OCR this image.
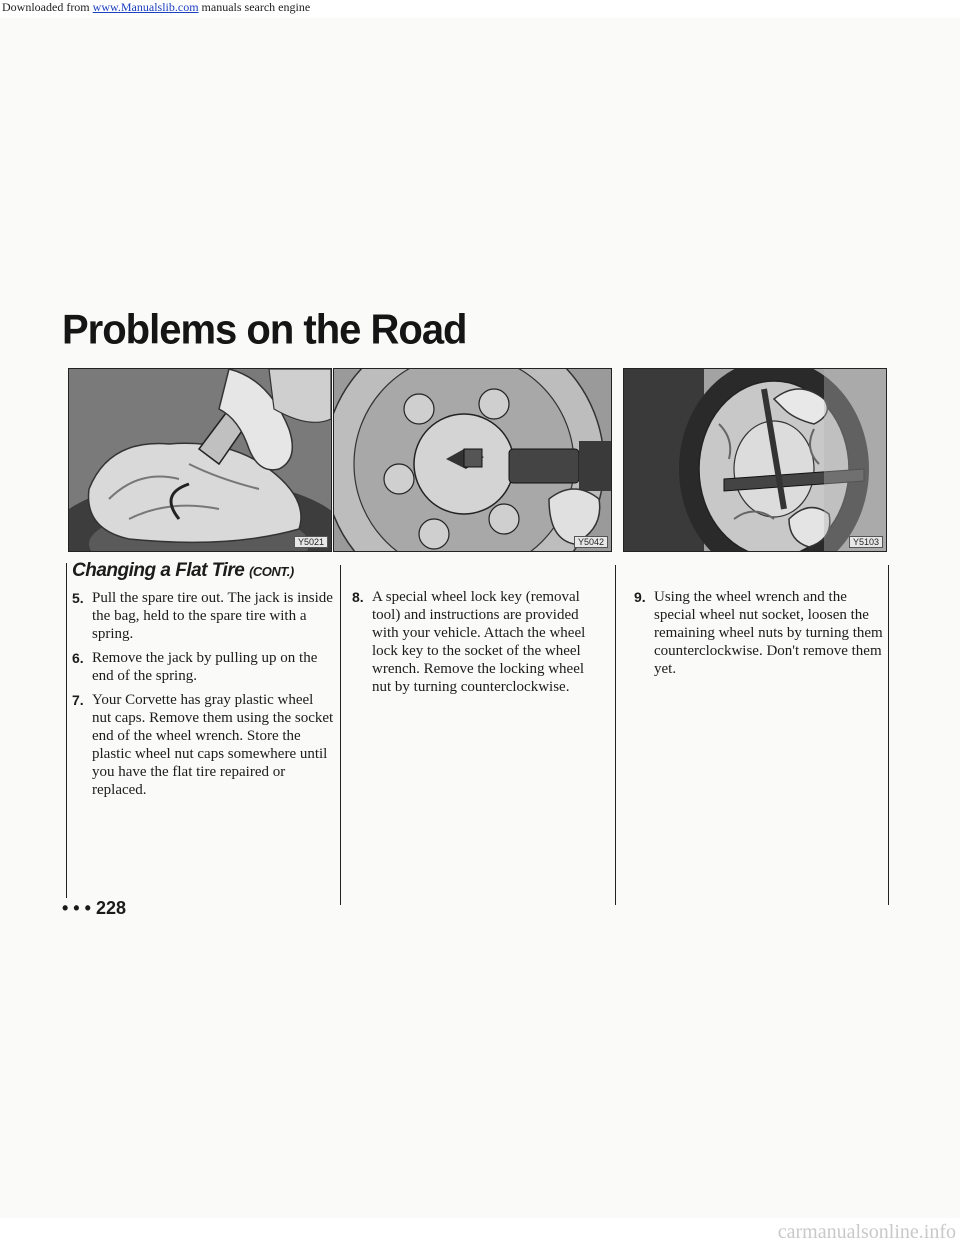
Downloaded from www.Manualslib.com manuals search engine
Problems on the Road
Y5021	Y5042	Y5103
Changing a Flat Tire (CONT.)
5. Pull the spare tire out. The jack is inside the bag, held to the spare tire with a spring.
6. Remove the jack by pulling up on the end of the spring.
7. Your Corvette has gray plastic wheel nut caps. Remove them using the socket end of the wheel wrench. Store the plastic wheel nut caps somewhere until you have the flat tire repaired or replaced.
8. A special wheel lock key (removal tool) and instructions are provided with your vehicle. Attach the wheel lock key to the socket of the wheel wrench. Remove the locking wheel nut by turning counterclockwise.
9. Using the wheel wrench and the special wheel nut socket, loosen the remaining wheel nuts by turning them counterclockwise. Don't remove them yet.
• • • 228
carmanualsonline.info
